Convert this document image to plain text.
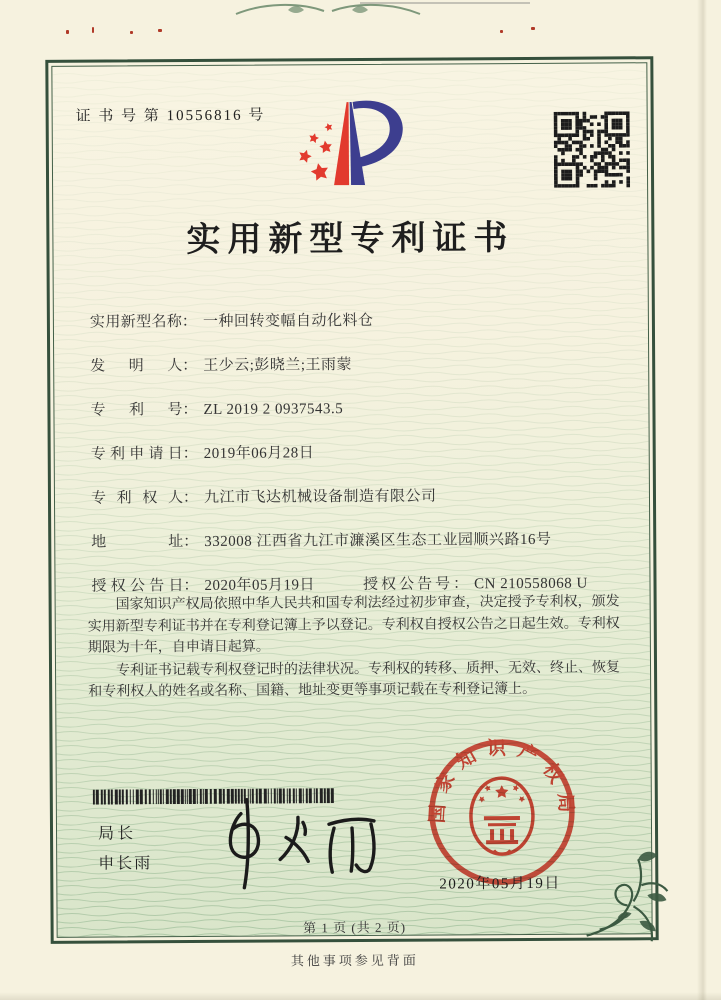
证 书 号 第 10556816 号
实用新型专利证书
实用新型名称： 一种回转变幅自动化料仓
发明人： 王少云;彭晓兰;王雨蒙
专利号： ZL 2019 2 0937543.5
专利申请日： 2019年06月28日
专利权人： 九江市飞达机械设备制造有限公司
地址： 332008 江西省九江市濂溪区生态工业园顺兴路16号
授权公告日： 2020年05月19日	授权公告号： CN 210558068 U

国家知识产权局依照中华人民共和国专利法经过初步审查，决定授予专利权，颁发实用新型专利证书并在专利登记簿上予以登记。专利权自授权公告之日起生效。专利权期限为十年，自申请日起算。

专利证书记载专利权登记时的法律状况。专利权的转移、质押、无效、终止、恢复和专利权人的姓名或名称、国籍、地址变更等事项记载在专利登记簿上。

局长
申长雨
国家知识产权局
2020年05月19日
第 1 页 (共 2 页)
其他事项参见背面
